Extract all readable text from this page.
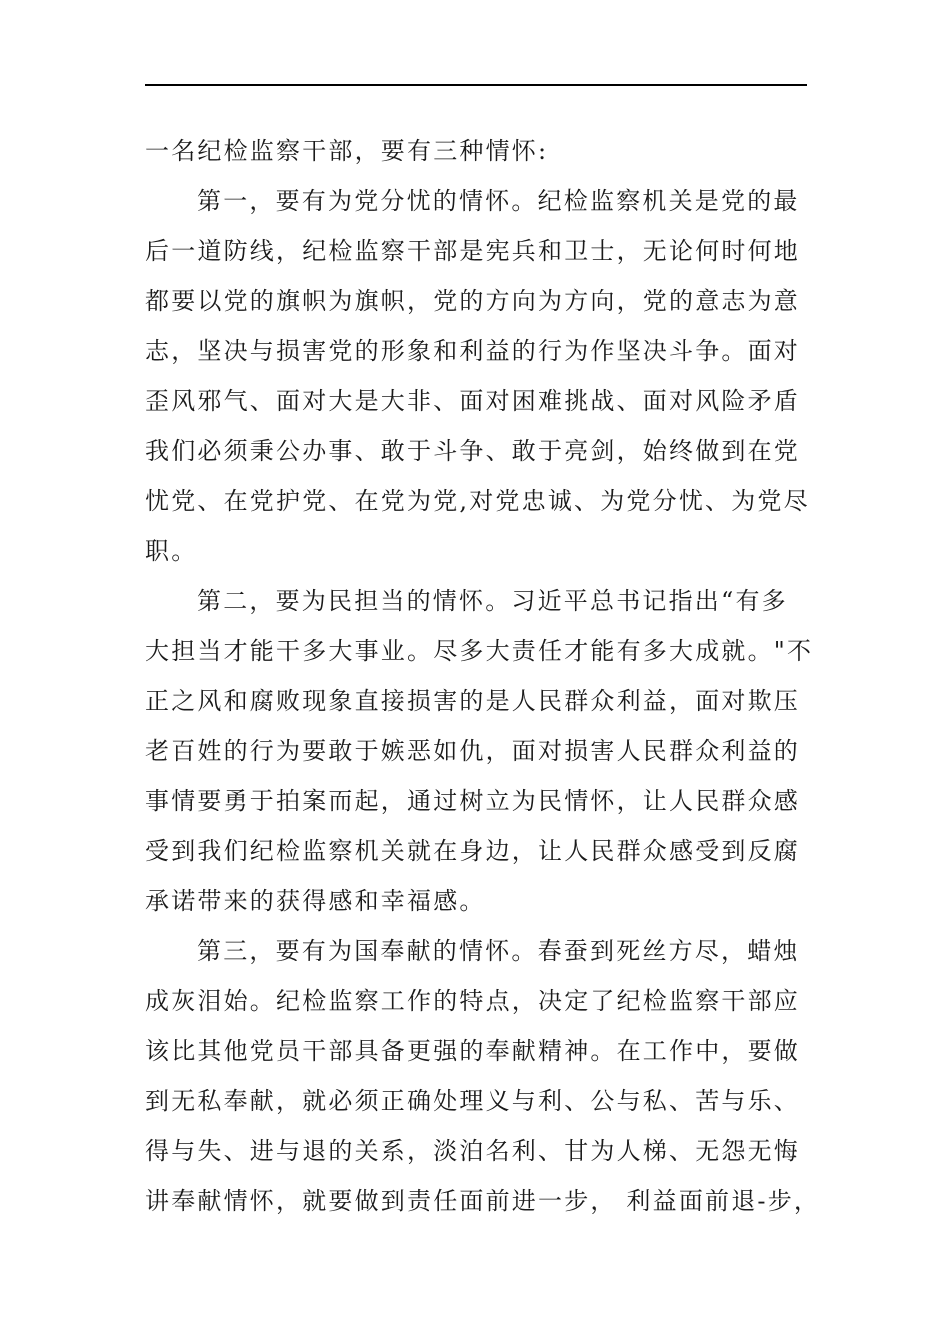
一名纪检监察干部，要有三种情怀:
第一，要有为党分忧的情怀。纪检监察机关是党的最
后一道防线，纪检监察干部是宪兵和卫士，无论何时何地
都要以党的旗帜为旗帜，党的方向为方向，党的意志为意
志，坚决与损害党的形象和利益的行为作坚决斗争。面对
歪风邪气、面对大是大非、面对困难挑战、面对风险矛盾
我们必须秉公办事、敢于斗争、敢于亮剑，始终做到在党
忧党、在党护党、在党为党,对党忠诚、为党分忧、为党尽
职。
第二，要为民担当的情怀。习近平总书记指出“有多
大担当才能干多大事业。尽多大责任才能有多大成就。"不
正之风和腐败现象直接损害的是人民群众利益，面对欺压
老百姓的行为要敢于嫉恶如仇，面对损害人民群众利益的
事情要勇于拍案而起，通过树立为民情怀，让人民群众感
受到我们纪检监察机关就在身边，让人民群众感受到反腐
承诺带来的获得感和幸福感。
第三，要有为国奉献的情怀。春蚕到死丝方尽，蜡烛
成灰泪始。纪检监察工作的特点，决定了纪检监察干部应
该比其他党员干部具备更强的奉献精神。在工作中，要做
到无私奉献，就必须正确处理义与利、公与私、苦与乐、
得与失、进与退的关系，淡泊名利、甘为人梯、无怨无悔
讲奉献情怀，就要做到责任面前进一步， 利益面前退-步，
